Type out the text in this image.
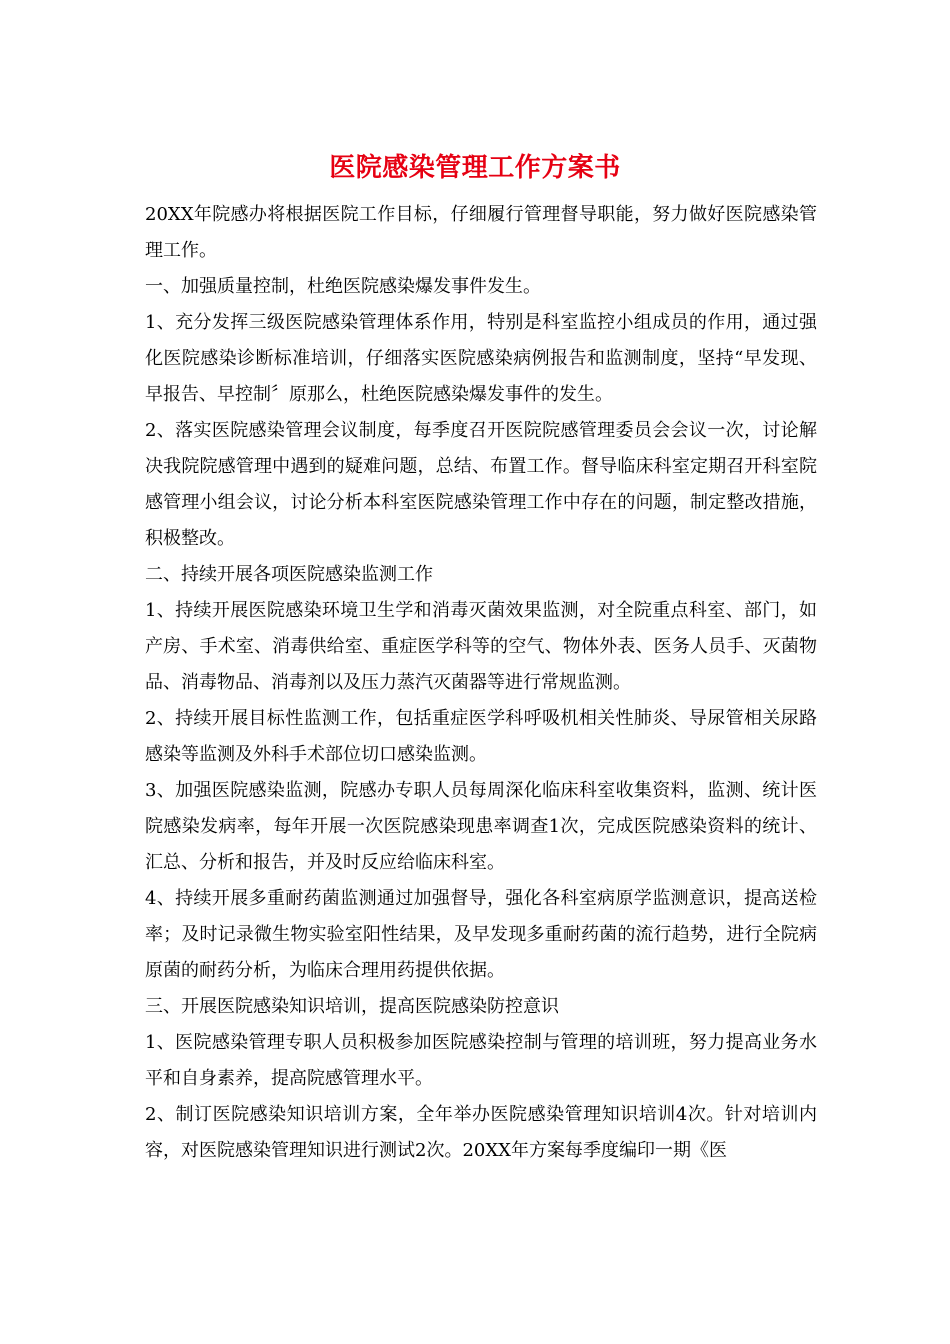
医院感染管理工作方案书

20XX年院感办将根据医院工作目标，仔细履行管理督导职能，努力做好医院感染管理工作。

一、加强质量控制，杜绝医院感染爆发事件发生。

1、充分发挥三级医院感染管理体系作用，特别是科室监控小组成员的作用，通过强化医院感染诊断标准培训，仔细落实医院感染病例报告和监测制度，坚持“早发现、早报告、早控制〞原那么，杜绝医院感染爆发事件的发生。

2、落实医院感染管理会议制度，每季度召开医院院感管理委员会会议一次，讨论解决我院院感管理中遇到的疑难问题，总结、布置工作。督导临床科室定期召开科室院感管理小组会议，讨论分析本科室医院感染管理工作中存在的问题，制定整改措施，积极整改。

二、持续开展各项医院感染监测工作

1、持续开展医院感染环境卫生学和消毒灭菌效果监测，对全院重点科室、部门，如产房、手术室、消毒供给室、重症医学科等的空气、物体外表、医务人员手、灭菌物品、消毒物品、消毒剂以及压力蒸汽灭菌器等进行常规监测。

2、持续开展目标性监测工作，包括重症医学科呼吸机相关性肺炎、导尿管相关尿路感染等监测及外科手术部位切口感染监测。

3、加强医院感染监测，院感办专职人员每周深化临床科室收集资料，监测、统计医院感染发病率，每年开展一次医院感染现患率调查1次，完成医院感染资料的统计、汇总、分析和报告，并及时反应给临床科室。

4、持续开展多重耐药菌监测通过加强督导，强化各科室病原学监测意识，提高送检率；及时记录微生物实验室阳性结果，及早发现多重耐药菌的流行趋势，进行全院病原菌的耐药分析，为临床合理用药提供依据。

三、开展医院感染知识培训，提高医院感染防控意识

1、医院感染管理专职人员积极参加医院感染控制与管理的培训班，努力提高业务水平和自身素养，提高院感管理水平。

2、制订医院感染知识培训方案，全年举办医院感染管理知识培训4次。针对培训内容，对医院感染管理知识进行测试2次。20XX年方案每季度编印一期《医
